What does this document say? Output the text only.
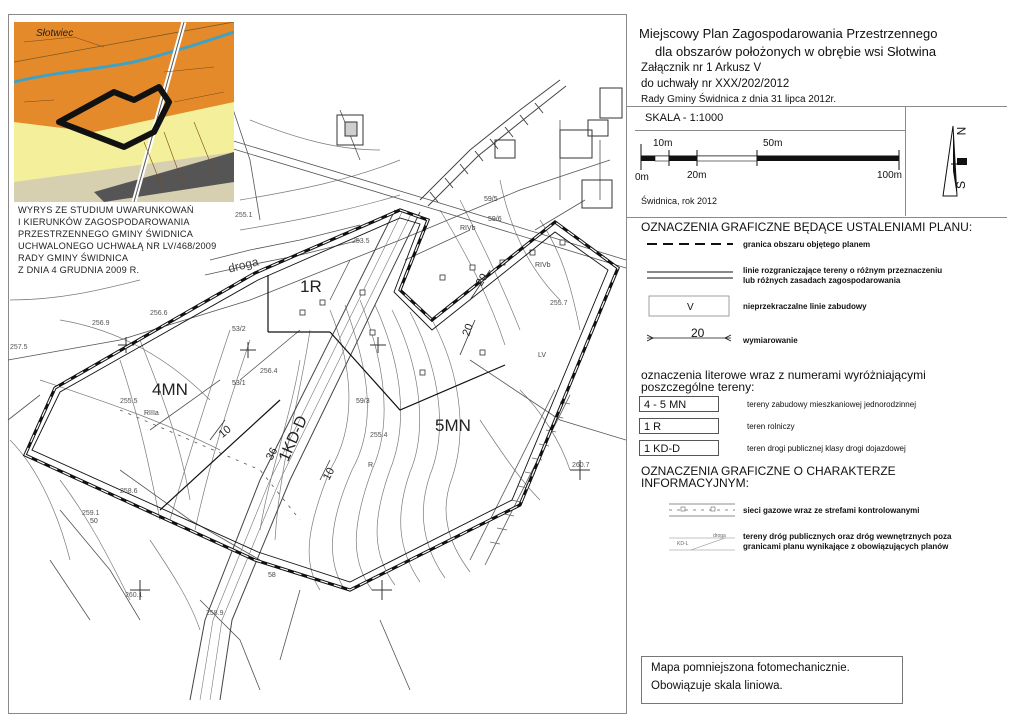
Słotwiec
WYRYS ZE STUDIUM UWARUNKOWAŃ
I KIERUNKÓW ZAGOSPODAROWANIA
PRZESTRZENNEGO GMINY ŚWIDNICA
UCHWALONEGO UCHWAŁĄ NR LV/468/2009
RADY GMINY ŚWIDNICA
Z DNIA 4 GRUDNIA 2009 R.
4MN
5MN
1R
1KD-D
droga
20
20
10
10
36
53/2
53/1
59/5
59/6
59/3
50
58
RIIIa
RIVb
LV
R
RIVb
256.6
255.1
253.5
256.9
257.5
255.5
256.4
255.4
258.6
255.7
260.1
259.1
258.9
260.7
Miejscowy Plan Zagospodarowania Przestrzennego
dla obszarów położonych w obrębie wsi Słotwina
Załącznik nr 1 Arkusz V
do uchwały nr XXX/202/2012
Rady Gminy Świdnica z dnia 31 lipca 2012r.
SKALA - 1:1000
10m	50m
0m	20m	100m
Świdnica, rok 2012
N
S
OZNACZENIA GRAFICZNE BĘDĄCE USTALENIAMI PLANU:
V
20
granica obszaru objętego planem
linie rozgraniczające tereny o różnym przeznaczeniu
lub różnych zasadach zagospodarowania
nieprzekraczalne linie zabudowy
wymiarowanie
oznaczenia literowe wraz z numerami wyróżniającymi
poszczególne tereny:
4 - 5 MN	tereny zabudowy mieszkaniowej jednorodzinnej
1 R	teren rolniczy
1 KD-D	teren drogi publicznej klasy drogi dojazdowej
OZNACZENIA GRAFICZNE O CHARAKTERZE
INFORMACYJNYM:
KD-L
droga
sieci gazowe wraz ze strefami kontrolowanymi
tereny dróg publicznych oraz dróg wewnętrznych poza
granicami planu wynikające z obowiązujących planów
Mapa pomniejszona fotomechanicznie.
Obowiązuje skala liniowa.
